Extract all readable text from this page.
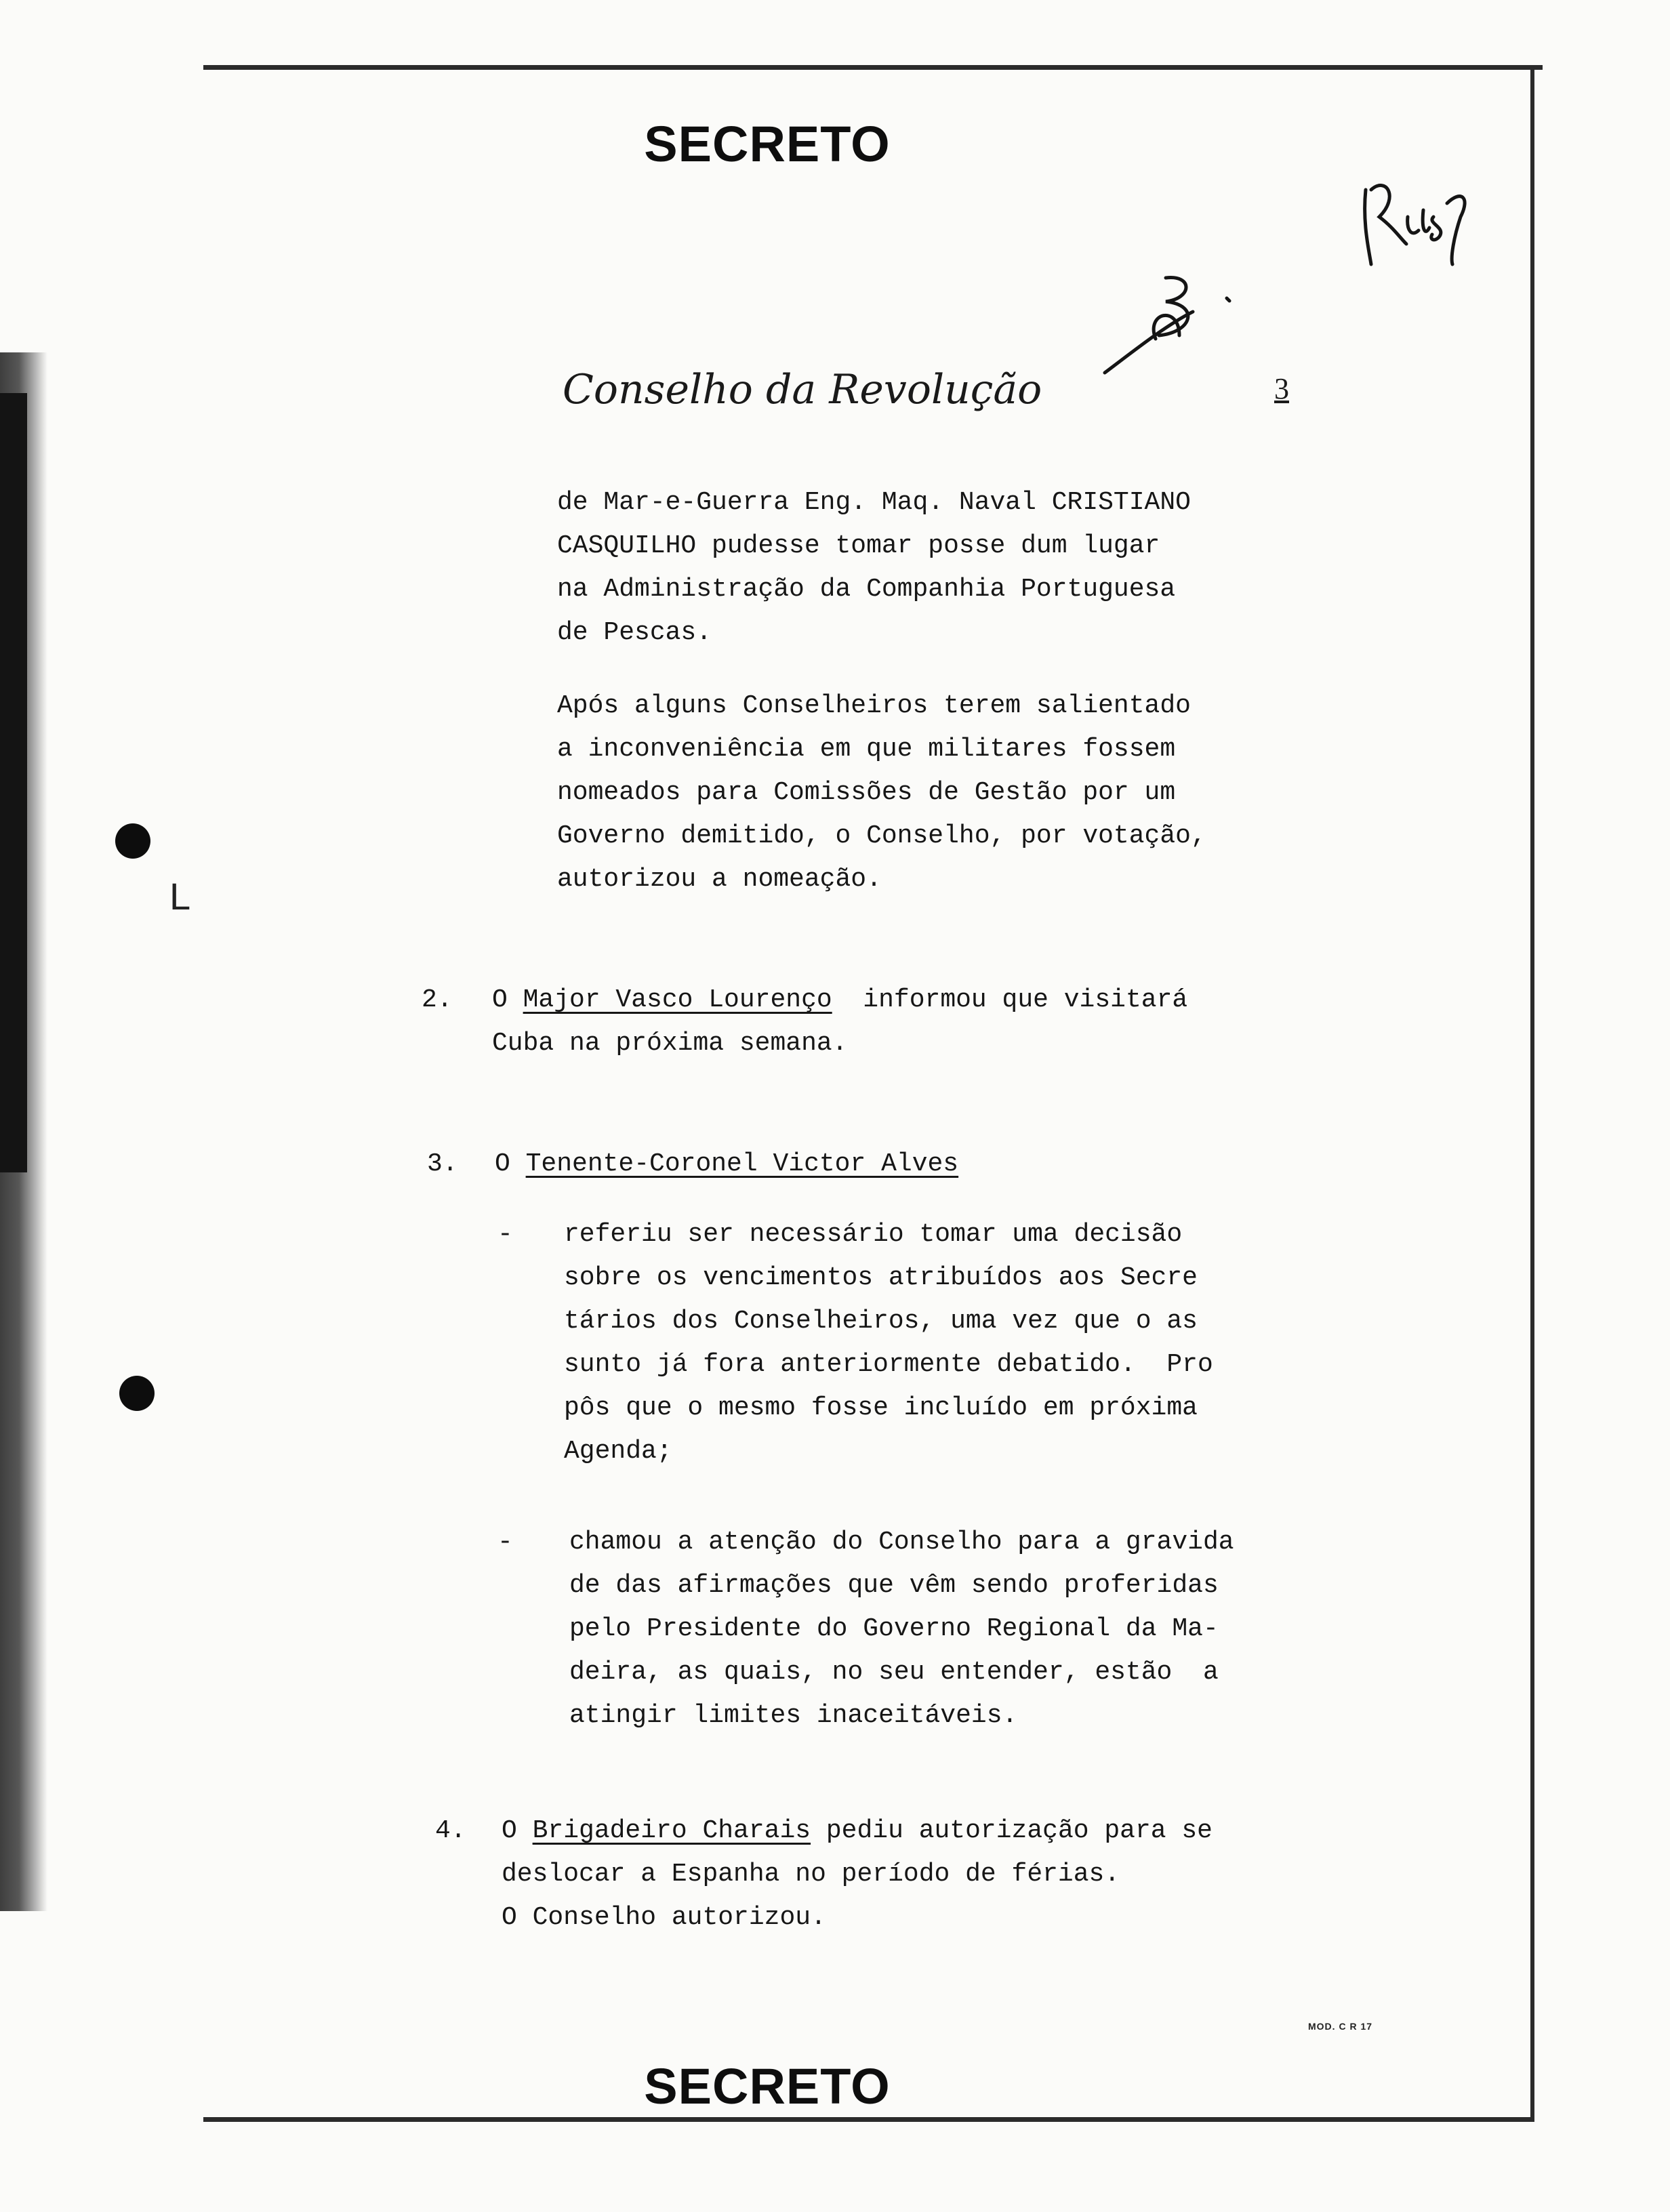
L
SECRETO
Conselho da Revolução	3
de Mar-e-Guerra Eng. Maq. Naval CRISTIANO
CASQUILHO pudesse tomar posse dum lugar
na Administração da Companhia Portuguesa
de Pescas.
Após alguns Conselheiros terem salientado
a inconveniência em que militares fossem
nomeados para Comissões de Gestão por um
Governo demitido, o Conselho, por votação,
autorizou a nomeação.
2. O Major Vasco Lourenço  informou que visitará
Cuba na próxima semana.
3. O Tenente-Coronel Victor Alves
- referiu ser necessário tomar uma decisão
sobre os vencimentos atribuídos aos Secre
tários dos Conselheiros, uma vez que o as
sunto já fora anteriormente debatido.  Pro
pôs que o mesmo fosse incluído em próxima
Agenda;
- chamou a atenção do Conselho para a gravida
de das afirmações que vêm sendo proferidas
pelo Presidente do Governo Regional da Ma-
deira, as quais, no seu entender, estão  a
atingir limites inaceitáveis.
4. O Brigadeiro Charais pediu autorização para se
deslocar a Espanha no período de férias.
O Conselho autorizou.
MOD. C R 17
SECRETO
